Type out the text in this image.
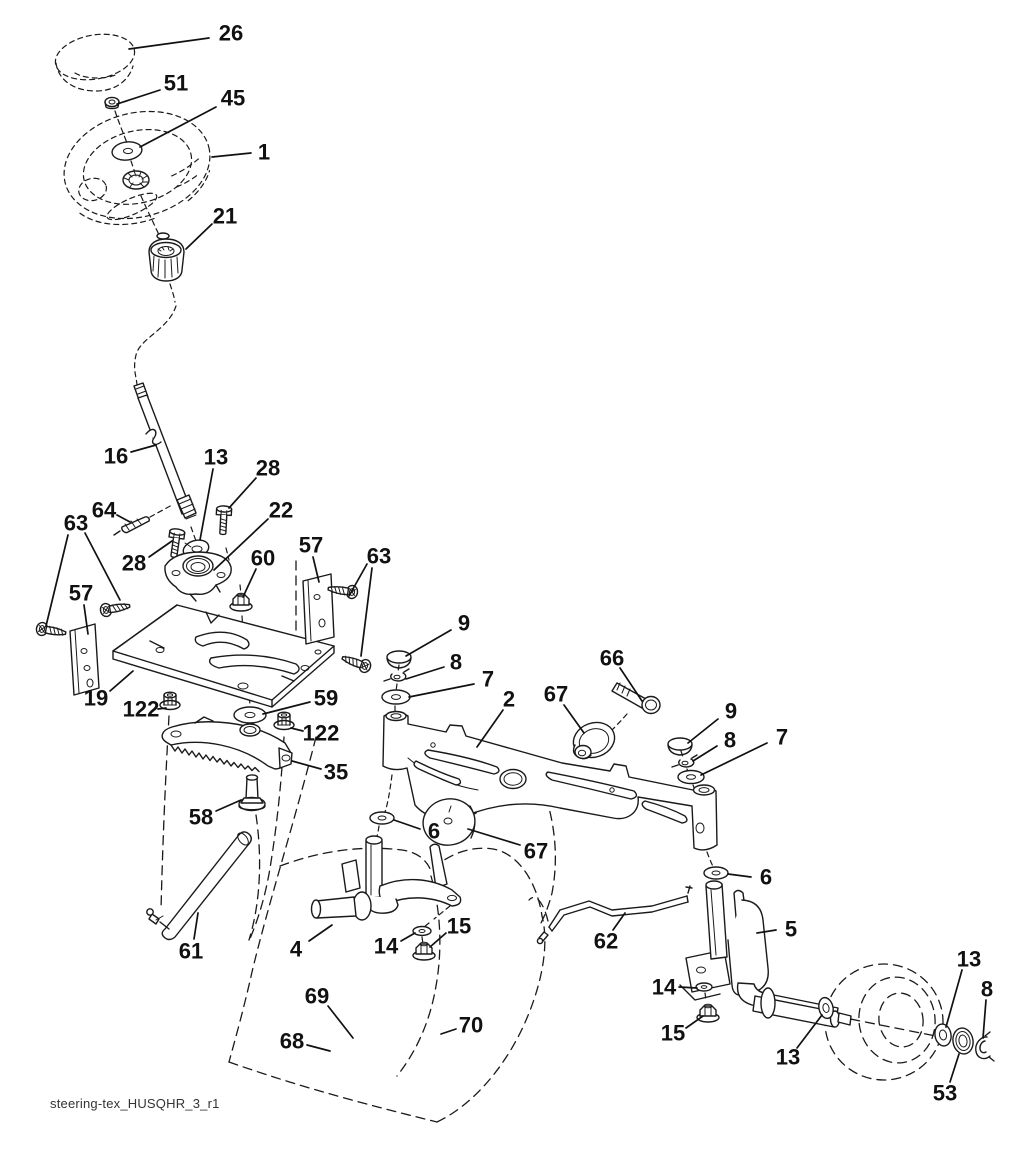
26
51
45
1
21
16	13 28
64	22
28
57 63
63
57
60
19	59
122
122
35
58
9
8
7
2 67
66
9
8 7
6
67
6
4	14
15
61	62	5
14
15
13
69
68
70
13
8
53
steering-tex_HUSQHR_3_r1
